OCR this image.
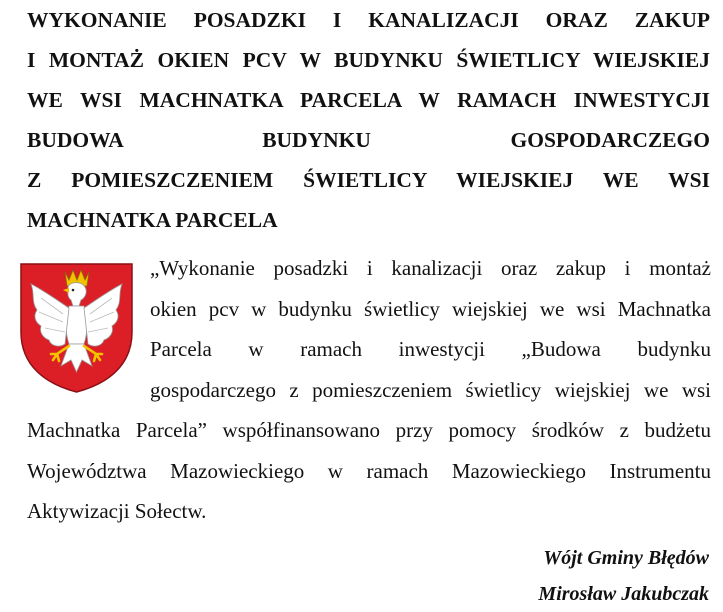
WYKONANIE POSADZKI I KANALIZACJI ORAZ ZAKUP
I MONTAŻ OKIEN PCV W BUDYNKU ŚWIETLICY WIEJSKIEJ
WE WSI MACHNATKA PARCELA W RAMACH INWESTYCJI
BUDOWA BUDYNKU GOSPODARCZEGO
Z POMIESZCZENIEM ŚWIETLICY WIEJSKIEJ WE WSI
MACHNATKA PARCELA
„Wykonanie posadzki i kanalizacji oraz zakup i montaż
okien pcv w budynku świetlicy wiejskiej we wsi Machnatka
Parcela w ramach inwestycji „Budowa budynku
gospodarczego z pomieszczeniem świetlicy wiejskiej we wsi
Machnatka Parcela” współfinansowano przy pomocy środków z budżetu
Województwa Mazowieckiego w ramach Mazowieckiego Instrumentu
Aktywizacji Sołectw.
Wójt Gminy Błędów
Mirosław Jakubczak
